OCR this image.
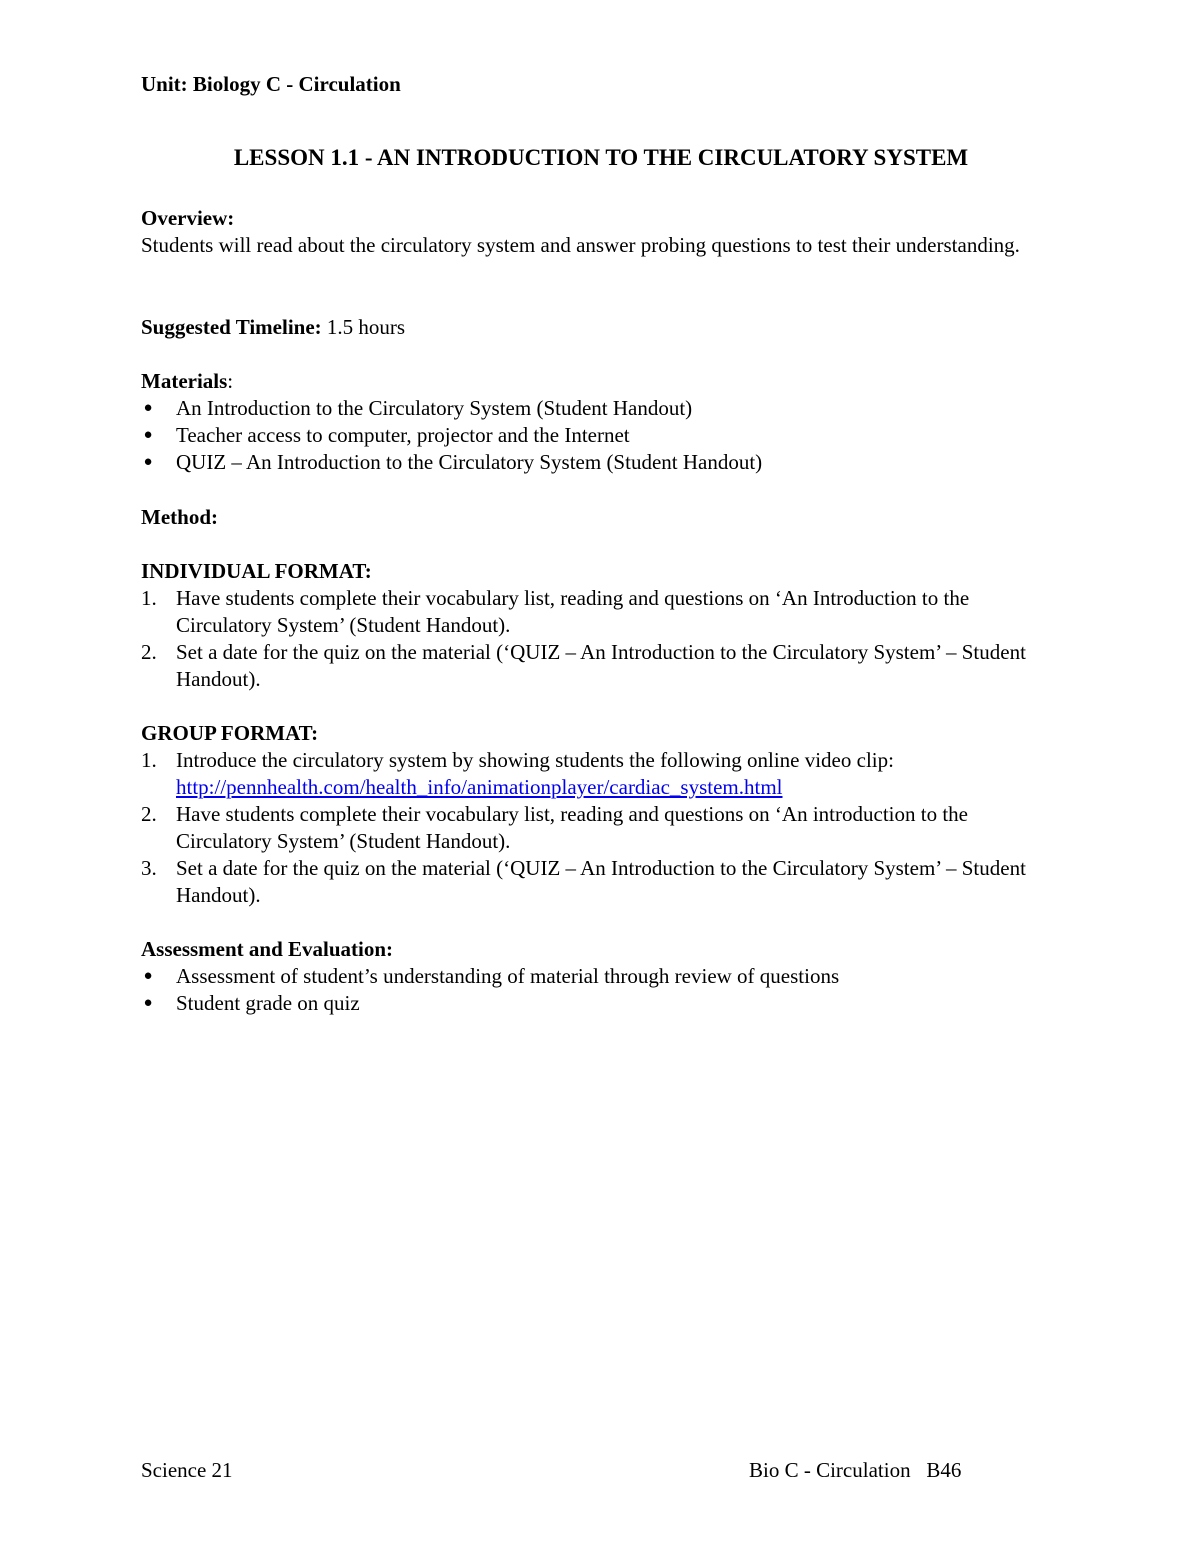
Unit: Biology C - Circulation
LESSON 1.1 - AN INTRODUCTION TO THE CIRCULATORY SYSTEM
Overview:

Students will read about the circulatory system and answer probing questions to test their understanding.

Suggested Timeline: 1.5 hours
Materials:
● An Introduction to the Circulatory System (Student Handout)
● Teacher access to computer, projector and the Internet
● QUIZ – An Introduction to the Circulatory System (Student Handout)
Method:
INDIVIDUAL FORMAT:
1. Have students complete their vocabulary list, reading and questions on ‘An Introduction to the Circulatory System’ (Student Handout).
2. Set a date for the quiz on the material (‘QUIZ – An Introduction to the Circulatory System’ – Student Handout).
GROUP FORMAT:
1. Introduce the circulatory system by showing students the following online video clip:
http://pennhealth.com/health_info/animationplayer/cardiac_system.html
2. Have students complete their vocabulary list, reading and questions on ‘An introduction to the Circulatory System’ (Student Handout).
3. Set a date for the quiz on the material (‘QUIZ – An Introduction to the Circulatory System’ – Student Handout).
Assessment and Evaluation:
● Assessment of student’s understanding of material through review of questions
● Student grade on quiz
Science 21	Bio C - Circulation   B46
